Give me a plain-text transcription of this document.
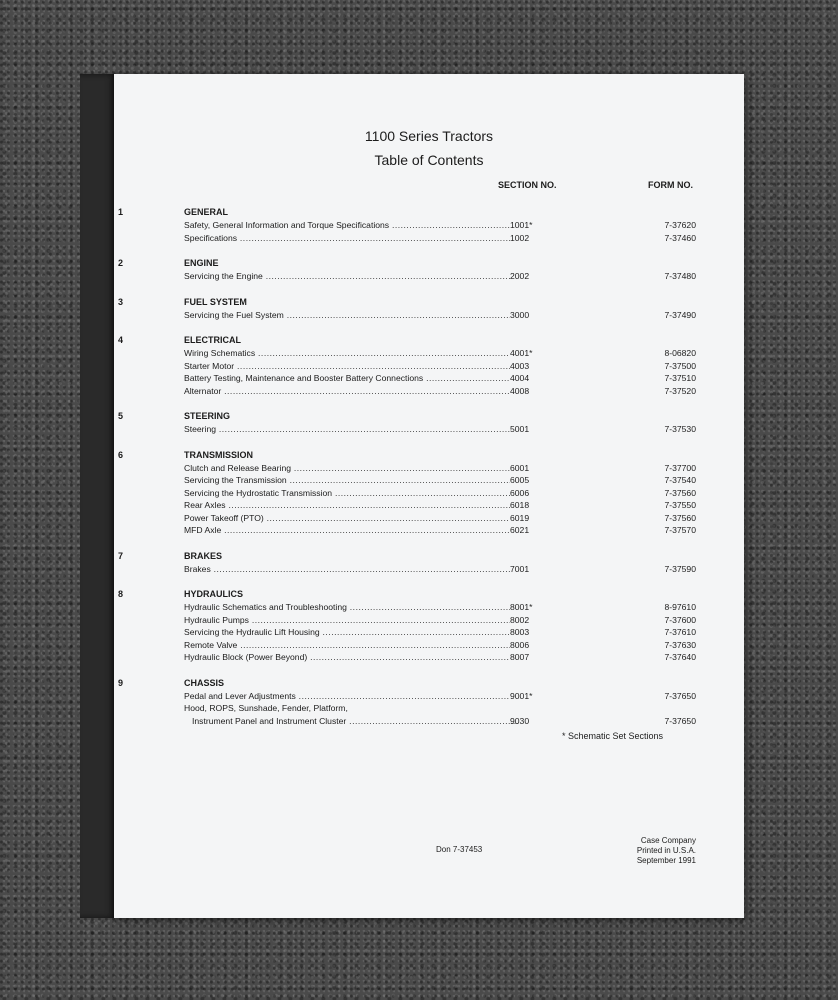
1100 Series Tractors
Table of Contents
SECTION NO.	FORM NO.
1	GENERAL
Safety, General Information and Torque Specifications .....	1001*	7-37620
Specifications .....	1002	7-37460
2	ENGINE
Servicing the Engine .....	2002	7-37480
3	FUEL SYSTEM
Servicing the Fuel System .....	3000	7-37490
4	ELECTRICAL
Wiring Schematics .....	4001*	8-06820
Starter Motor .....	4003	7-37500
Battery Testing, Maintenance and Booster Battery Connections .....	4004	7-37510
Alternator .....	4008	7-37520
5	STEERING
Steering .....	5001	7-37530
6	TRANSMISSION
Clutch and Release Bearing .....	6001	7-37700
Servicing the Transmission .....	6005	7-37540
Servicing the Hydrostatic Transmission .....	6006	7-37560
Rear Axles .....	6018	7-37550
Power Takeoff (PTO) .....	6019	7-37560
MFD Axle .....	6021	7-37570
7	BRAKES
Brakes .....	7001	7-37590
8	HYDRAULICS
Hydraulic Schematics and Troubleshooting .....	8001*	8-97610
Hydraulic Pumps .....	8002	7-37600
Servicing the Hydraulic Lift Housing .....	8003	7-37610
Remote Valve .....	8006	7-37630
Hydraulic Block (Power Beyond) .....	8007	7-37640
9	CHASSIS
Pedal and Lever Adjustments .....	9001*	7-37650
Hood, ROPS, Sunshade, Fender, Platform,
Instrument Panel and Instrument Cluster .....	9030	7-37650
* Schematic Set Sections
Don 7-37453
Case Company
Printed in U.S.A.
September 1991
